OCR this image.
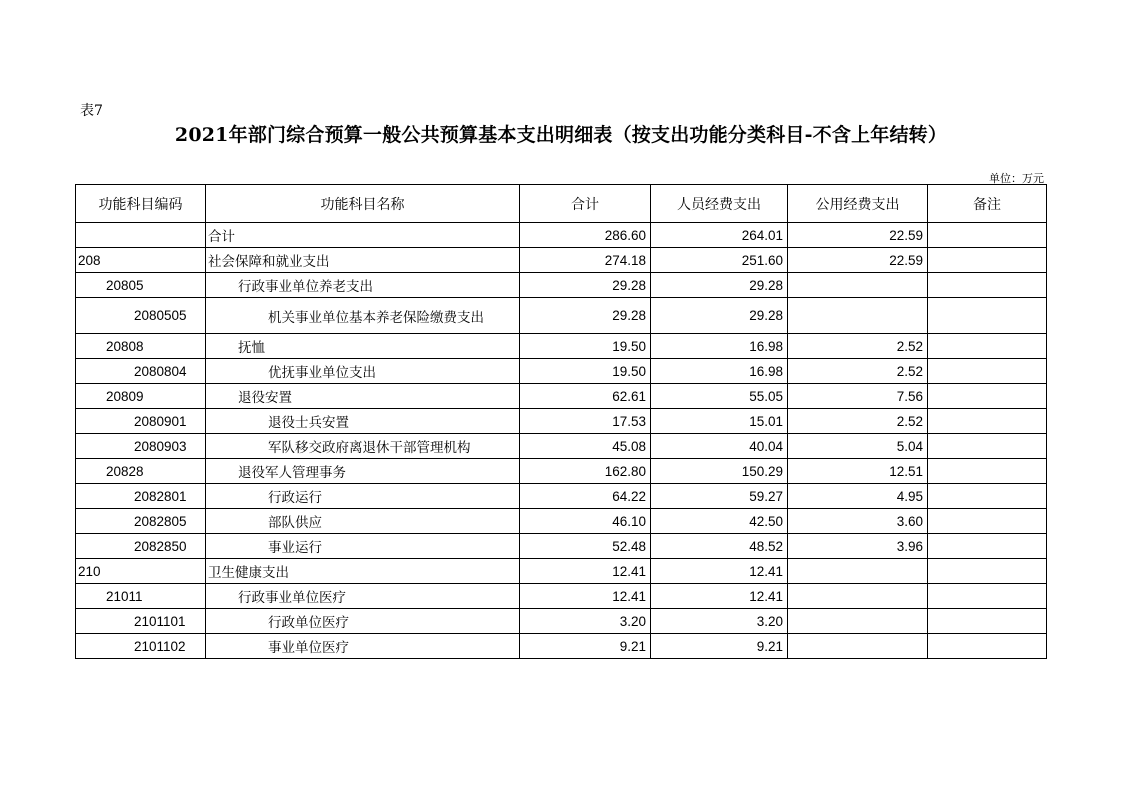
表7
2021年部门综合预算一般公共预算基本支出明细表（按支出功能分类科目-不含上年结转）
单位：万元
功能科目编码	功能科目名称	合计	人员经费支出	公用经费支出	备注
	合计	286.60	264.01	22.59	
208	社会保障和就业支出	274.18	251.60	22.59	
20805	行政事业单位养老支出	29.28	29.28		
2080505	机关事业单位基本养老保险缴费支出	29.28	29.28		
20808	抚恤	19.50	16.98	2.52	
2080804	优抚事业单位支出	19.50	16.98	2.52	
20809	退役安置	62.61	55.05	7.56	
2080901	退役士兵安置	17.53	15.01	2.52	
2080903	军队移交政府离退休干部管理机构	45.08	40.04	5.04	
20828	退役军人管理事务	162.80	150.29	12.51	
2082801	行政运行	64.22	59.27	4.95	
2082805	部队供应	46.10	42.50	3.60	
2082850	事业运行	52.48	48.52	3.96	
210	卫生健康支出	12.41	12.41		
21011	行政事业单位医疗	12.41	12.41		
2101101	行政单位医疗	3.20	3.20		
2101102	事业单位医疗	9.21	9.21		
